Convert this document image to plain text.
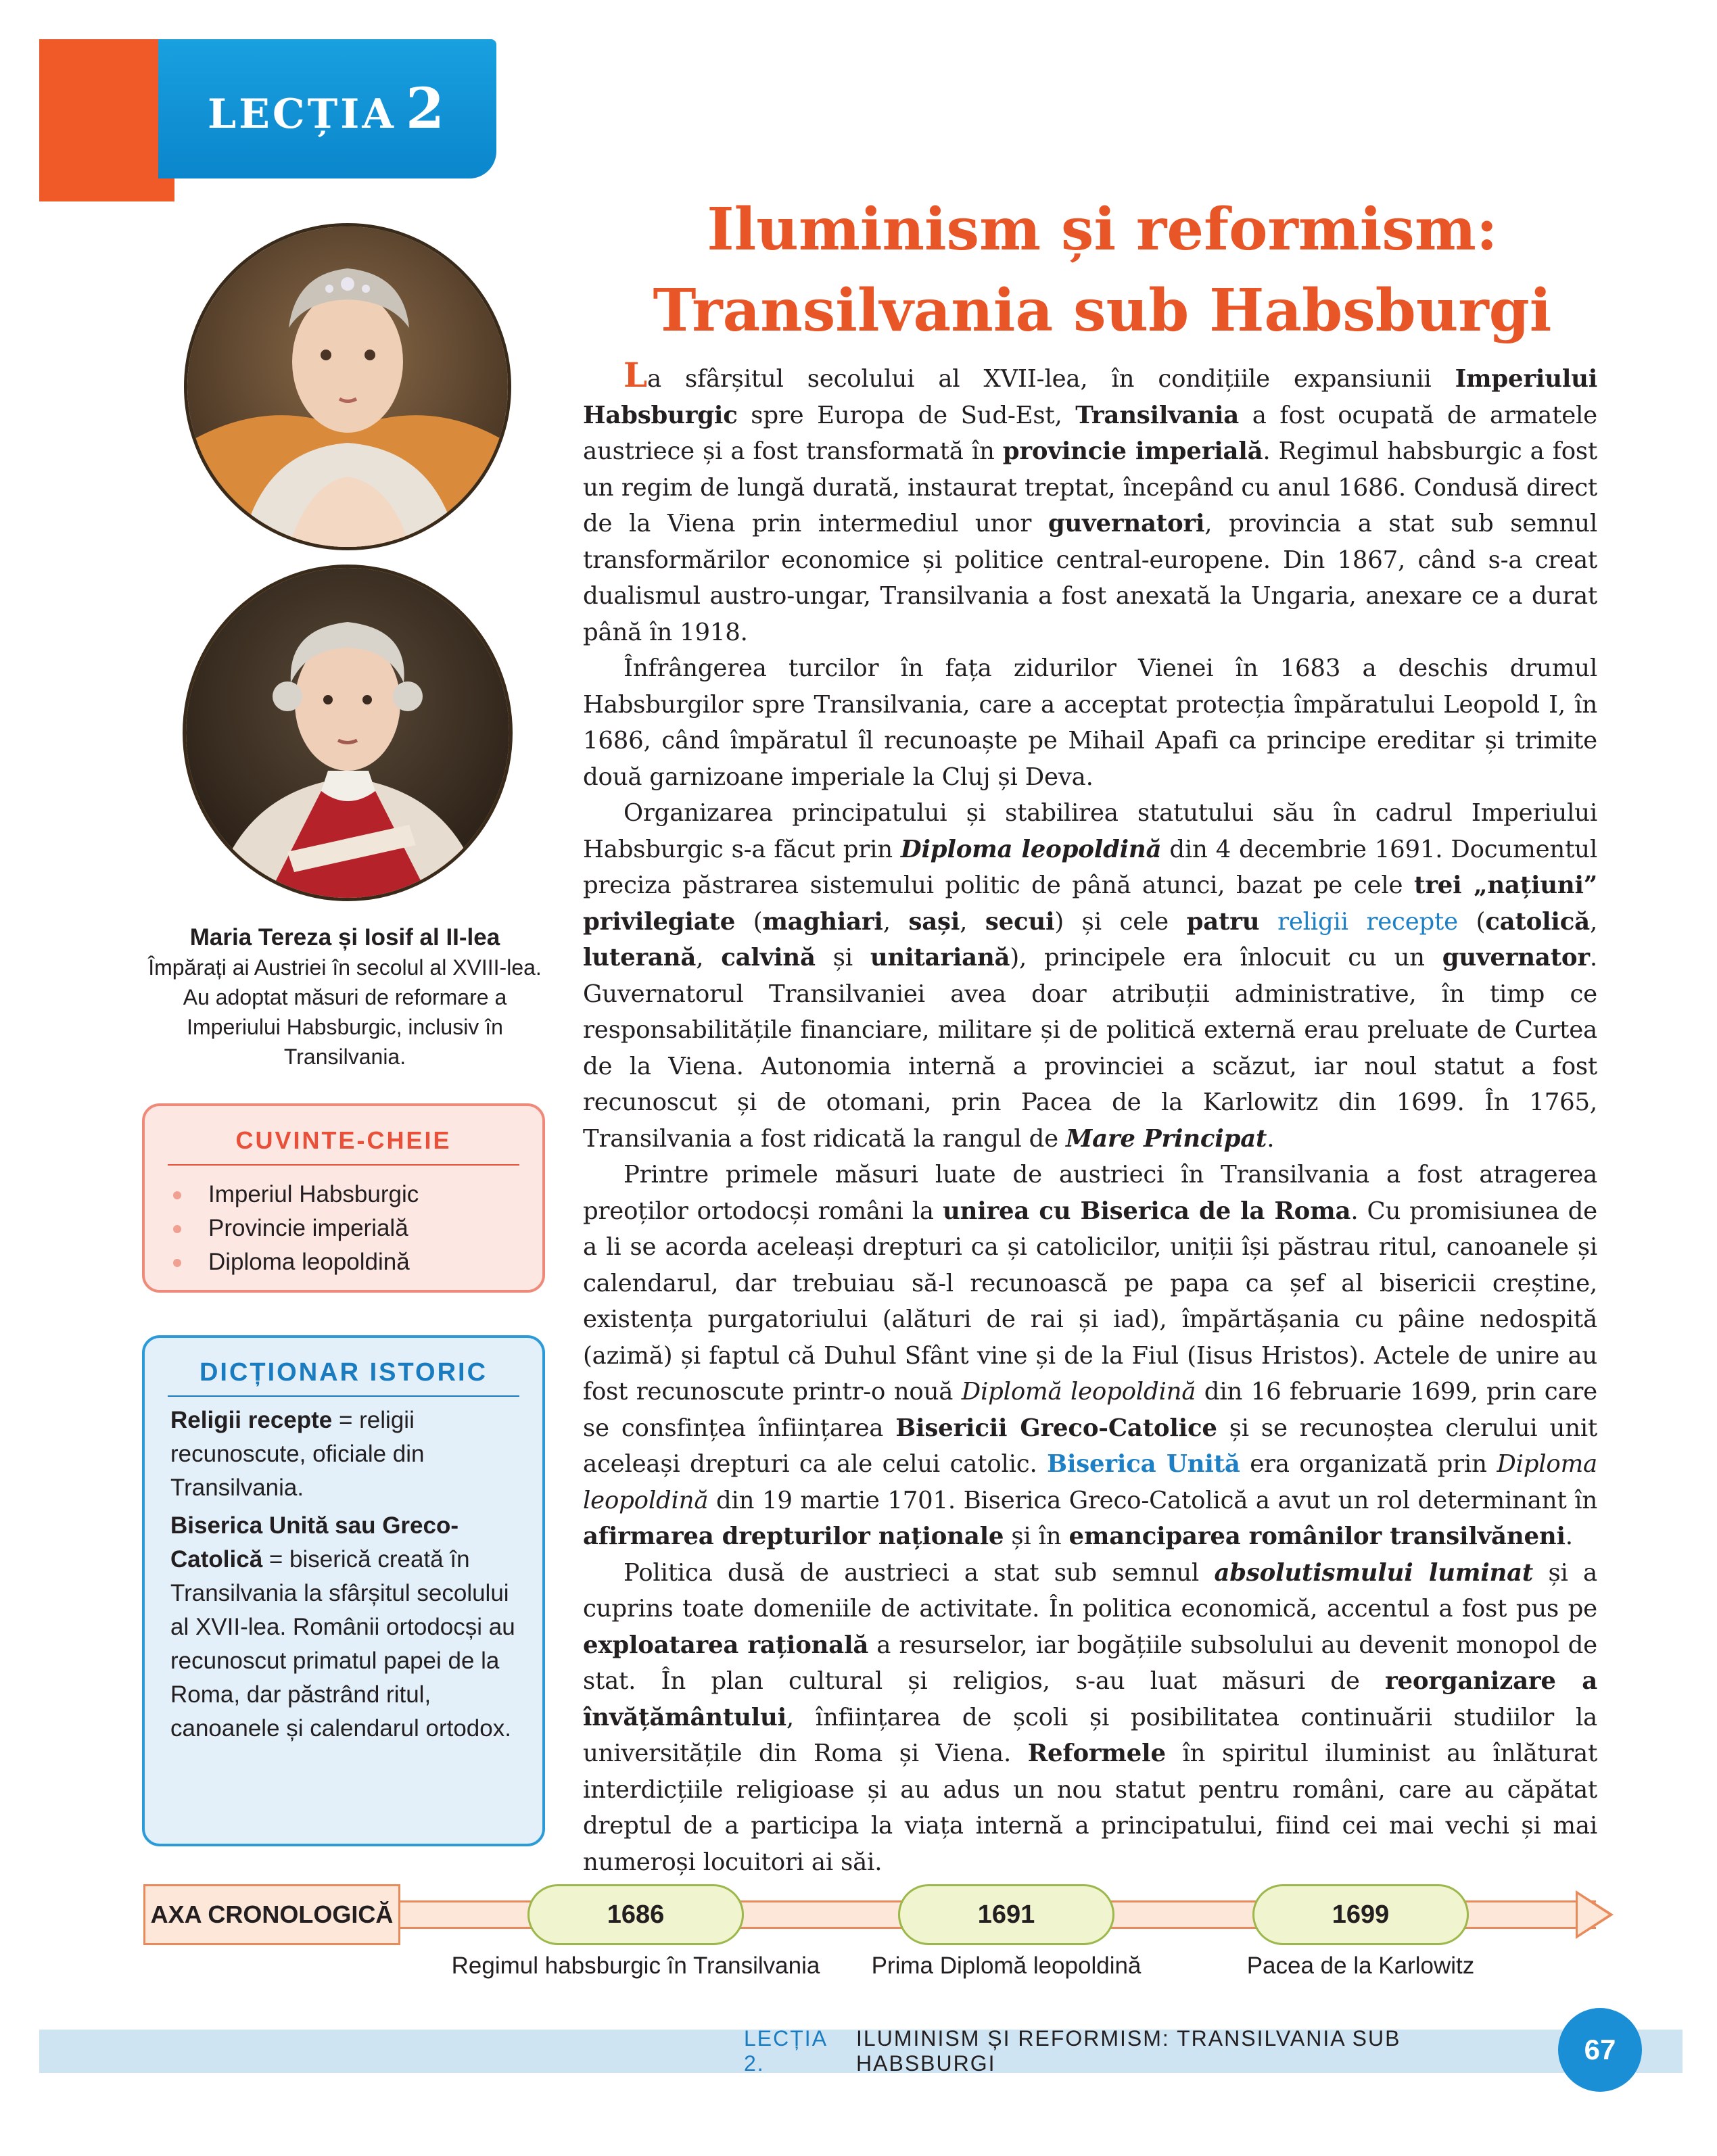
LECȚIA 2
Iluminism și reformism:
Transilvania sub Habsburgi
Maria Tereza și Iosif al II-lea
Împărați ai Austriei în secolul al XVIII-lea. Au adoptat măsuri de reformare a Imperiului Habsburgic, inclusiv în Transilvania.
CUVINTE-CHEIE
Imperiul Habsburgic
Provincie imperială
Diploma leopoldină
DICȚIONAR ISTORIC

Religii recepte = religii recunoscute, oficiale din Transilvania.

Biserica Unită sau Greco-Catolică = biserică creată în Transilvania la sfârșitul secolului al XVII-lea. Românii ortodocși au recunoscut primatul papei de la Roma, dar păstrând ritul, canoanele și calendarul ortodox.

La sfârșitul secolului al XVII-lea, în condițiile expansiunii Imperiului Habsburgic spre Europa de Sud-Est, Transilvania a fost ocupată de armatele austriece și a fost transformată în provincie imperială. Regimul habsburgic a fost un regim de lungă durată, instaurat treptat, începând cu anul 1686. Condusă direct de la Viena prin intermediul unor guvernatori, provincia a stat sub semnul transformărilor economice și politice central-europene. Din 1867, când s-a creat dualismul austro-ungar, Transilvania a fost anexată la Ungaria, anexare ce a durat până în 1918.

Înfrângerea turcilor în fața zidurilor Vienei în 1683 a deschis drumul Habsburgilor spre Transilvania, care a acceptat protecția împăratului Leopold I, în 1686, când împăratul îl recunoaște pe Mihail Apafi ca principe ereditar și trimite două garnizoane imperiale la Cluj și Deva.

Organizarea principatului și stabilirea statutului său în cadrul Imperiului Habsburgic s-a făcut prin Diploma leopoldină din 4 decembrie 1691. Documentul preciza păstrarea sistemului politic de până atunci, bazat pe cele trei „națiuni” privilegiate (maghiari, sași, secui) și cele patru religii recepte (catolică, luterană, calvină și unitariană), principele era înlocuit cu un guvernator. Guvernatorul Transilvaniei avea doar atribuții administrative, în timp ce responsabilitățile financiare, militare și de politică externă erau preluate de Curtea de la Viena. Autonomia internă a provinciei a scăzut, iar noul statut a fost recunoscut și de otomani, prin Pacea de la Karlowitz din 1699. În 1765, Transilvania a fost ridicată la rangul de Mare Principat.

Printre primele măsuri luate de austrieci în Transilvania a fost atragerea preoților ortodocși români la unirea cu Biserica de la Roma. Cu promisiunea de a li se acorda aceleași drepturi ca și catolicilor, uniții își păstrau ritul, canoanele și calendarul, dar trebuiau să-l recunoască pe papa ca șef al bisericii creștine, existența purgatoriului (alături de rai și iad), împărtășania cu pâine nedospită (azimă) și faptul că Duhul Sfânt vine și de la Fiul (Iisus Hristos). Actele de unire au fost recunoscute printr-o nouă Diplomă leopoldină din 16 februarie 1699, prin care se consfințea înființarea Bisericii Greco-Catolice și se recunoștea clerului unit aceleași drepturi ca ale celui catolic. Biserica Unită era organizată prin Diploma leopoldină din 19 martie 1701. Biserica Greco-Catolică a avut un rol determinant în afirmarea drepturilor naționale și în emanciparea românilor transilvăneni.

Politica dusă de austrieci a stat sub semnul absolutismului luminat și a cuprins toate domeniile de activitate. În politica economică, accentul a fost pus pe exploatarea rațională a resurselor, iar bogățiile subsolului au devenit monopol de stat. În plan cultural și religios, s-au luat măsuri de reorganizare a învățământului, înființarea de școli și posibilitatea continuării studiilor la universitățile din Roma și Viena. Reformele în spiritul iluminist au înlăturat interdicțiile religioase și au adus un nou statut pentru români, care au căpătat dreptul de a participa la viața internă a principatului, fiind cei mai vechi și mai numeroși locuitori ai săi.

AXA CRONOLOGICĂ	1686	1691	1699
Regimul habsburgic în Transilvania	Prima Diplomă leopoldină	Pacea de la Karlowitz
LECȚIA 2.
ILUMINISM ȘI REFORMISM: TRANSILVANIA SUB HABSBURGI	67
